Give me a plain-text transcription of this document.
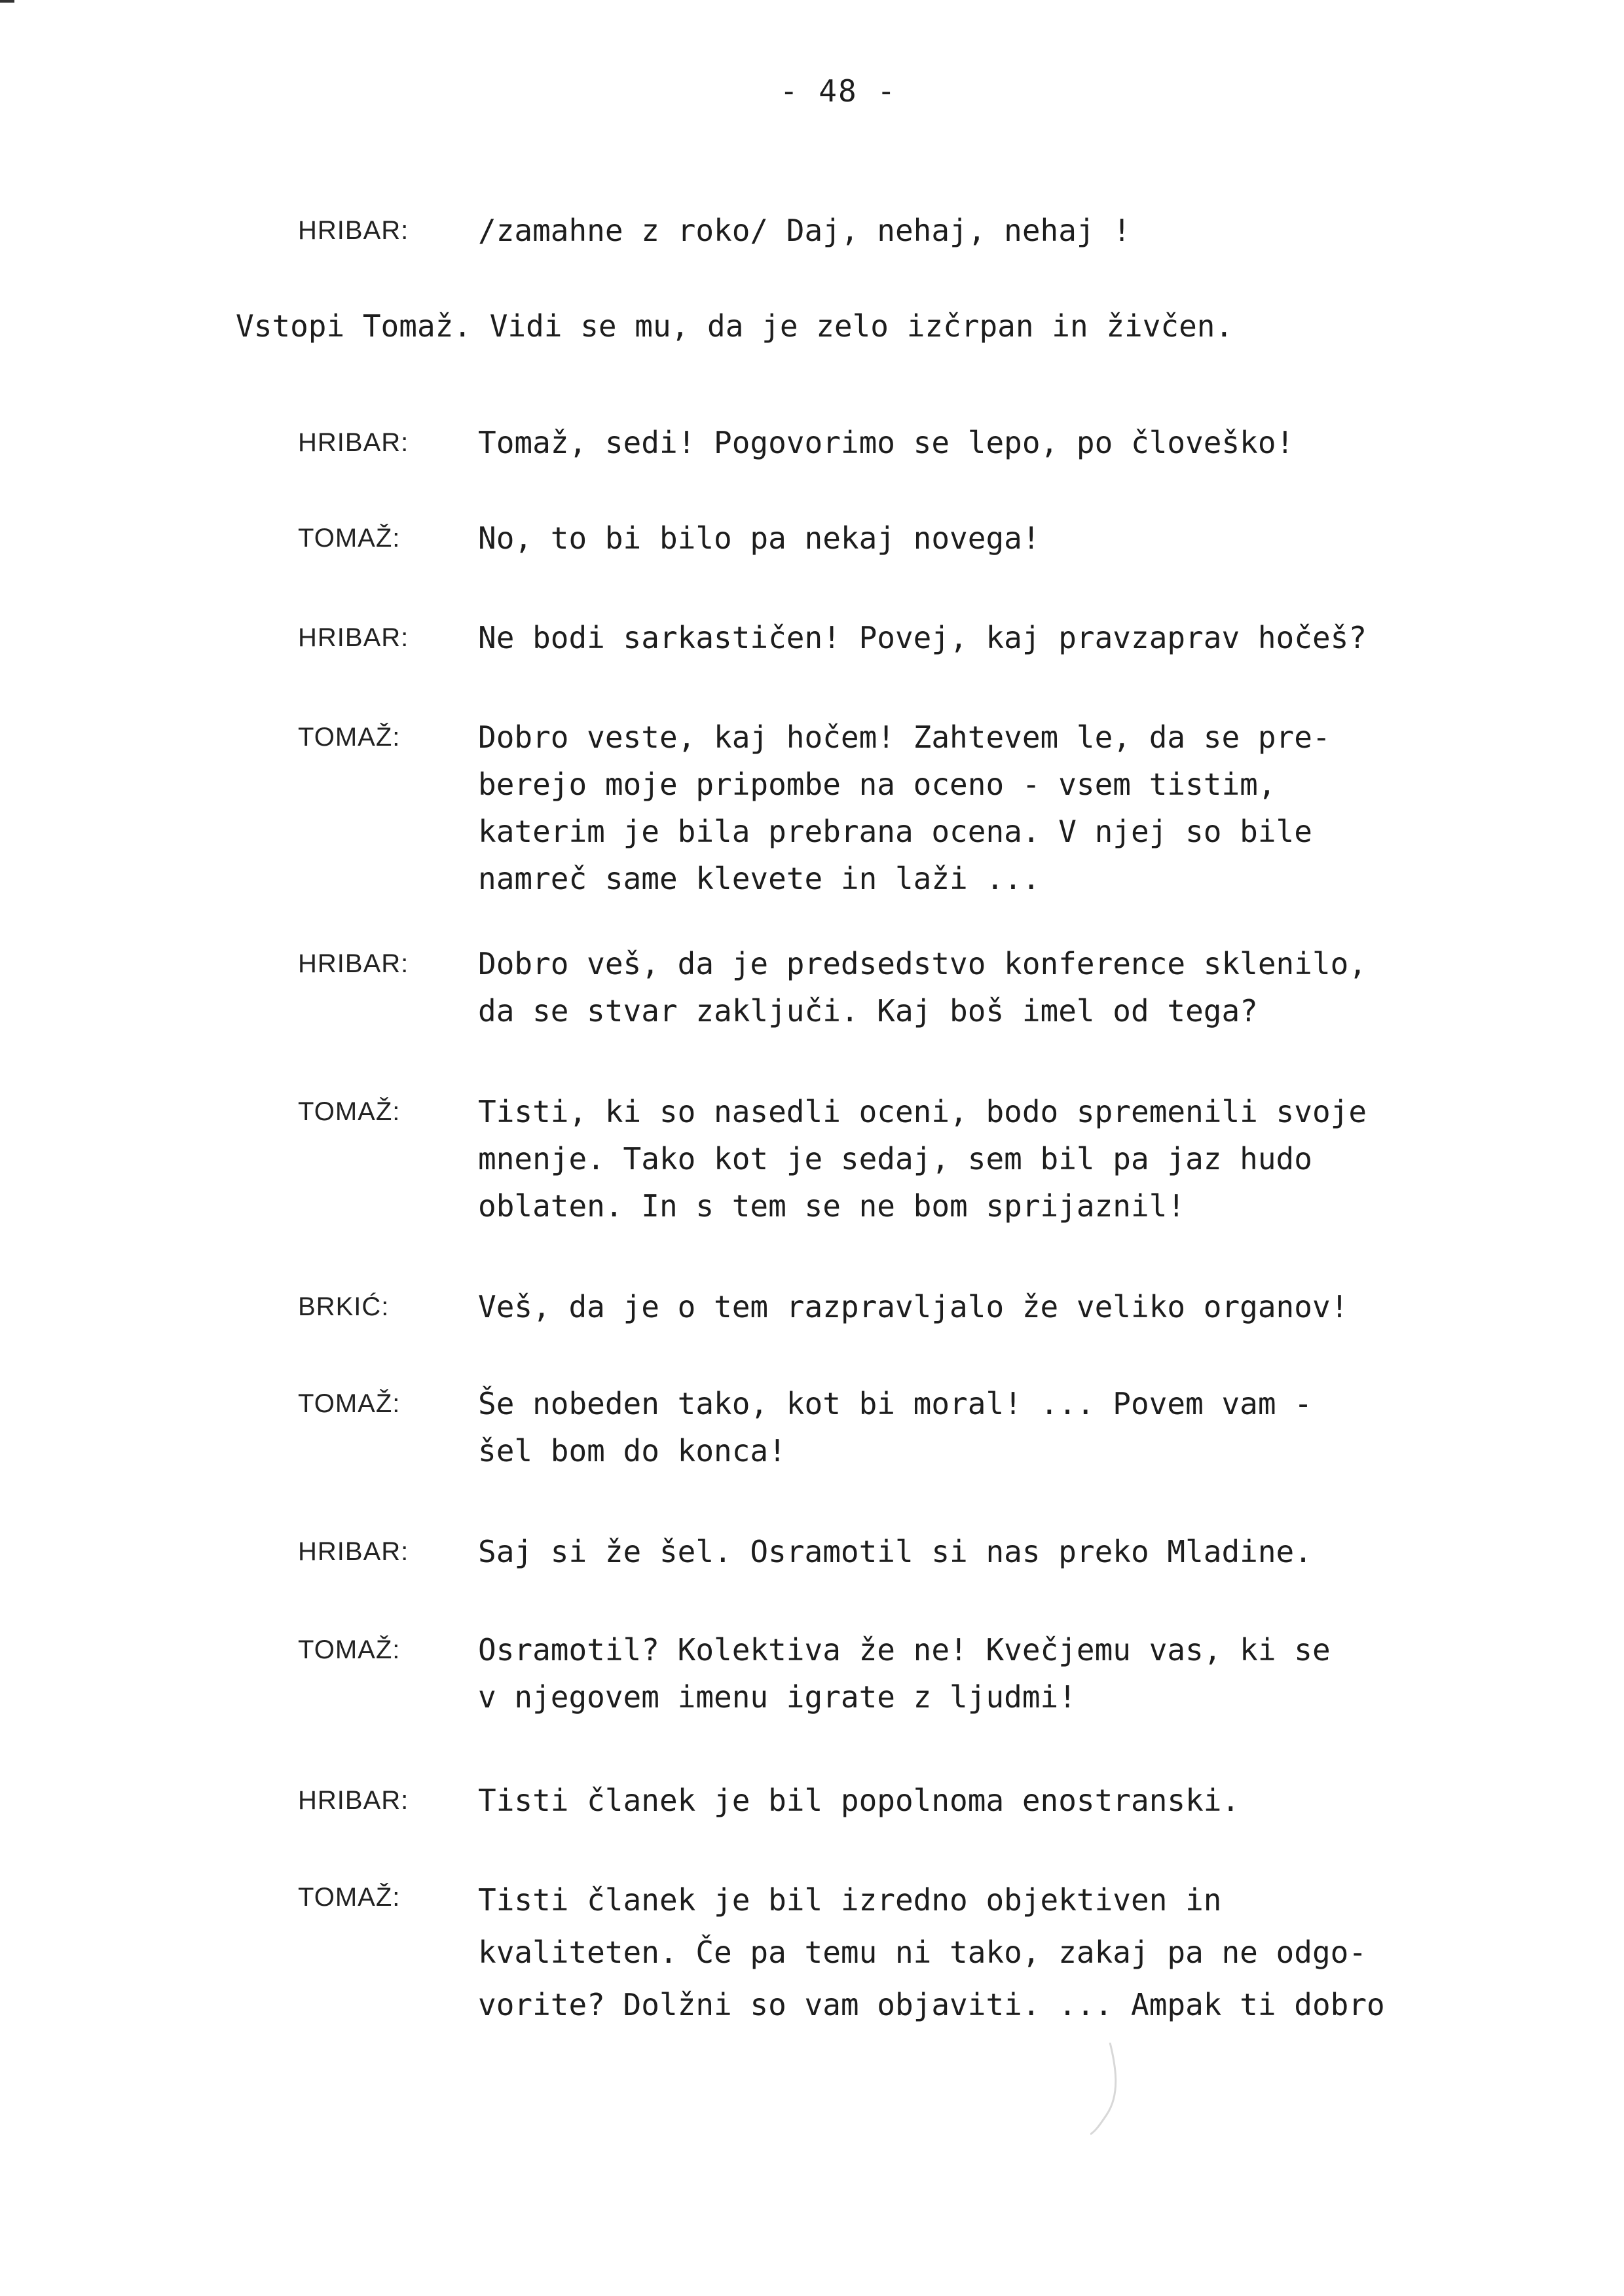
- 48 -
HRIBAR: /zamahne z roko/ Daj, nehaj, nehaj !
Vstopi Tomaž. Vidi se mu, da je zelo izčrpan in živčen.
HRIBAR: Tomaž, sedi! Pogovorimo se lepo, po človeško!
TOMAŽ:	No, to bi bilo pa nekaj novega!
HRIBAR: Ne bodi sarkastičen! Povej, kaj pravzaprav hočeš?
TOMAŽ:	Dobro veste, kaj hočem! Zahtevem le, da se pre-
berejo moje pripombe na oceno - vsem tistim,
katerim je bila prebrana ocena. V njej so bile
namreč same klevete in laži ...
HRIBAR: Dobro veš, da je predsedstvo konference sklenilo,
da se stvar zaključi. Kaj boš imel od tega?
TOMAŽ:	Tisti, ki so nasedli oceni, bodo spremenili svoje
mnenje. Tako kot je sedaj, sem bil pa jaz hudo
oblaten. In s tem se ne bom sprijaznil!
BRKIĆ:	Veš, da je o tem razpravljalo že veliko organov!
TOMAŽ:	Še nobeden tako, kot bi moral! ... Povem vam -
šel bom do konca!
HRIBAR: Saj si že šel. Osramotil si nas preko Mladine.
TOMAŽ:	Osramotil? Kolektiva že ne! Kvečjemu vas, ki se
v njegovem imenu igrate z ljudmi!
HRIBAR: Tisti članek je bil popolnoma enostranski.
TOMAŽ:	Tisti članek je bil izredno objektiven in
kvaliteten. Če pa temu ni tako, zakaj pa ne odgo-
vorite? Dolžni so vam objaviti. ... Ampak ti dobro
